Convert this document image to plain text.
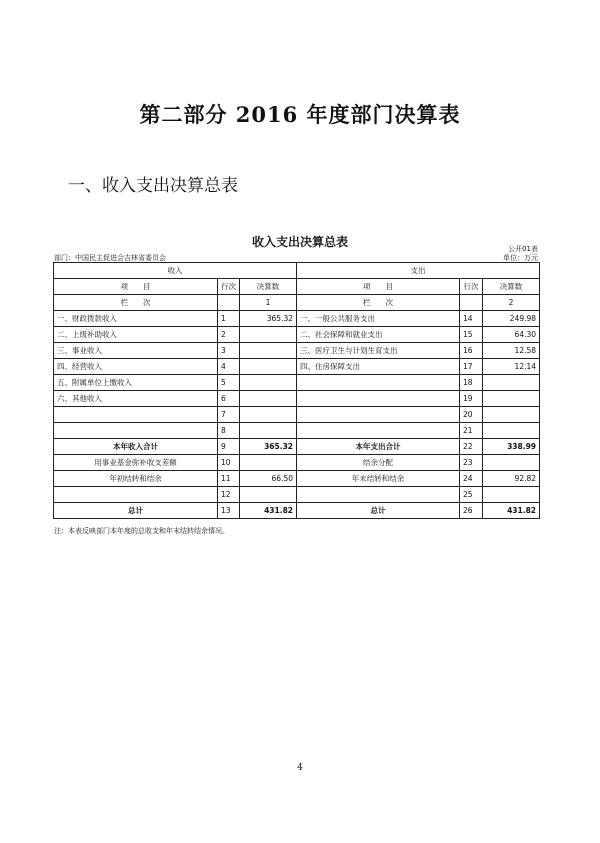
第二部分 2016 年度部门决算表
一、收入支出决算总表
收入支出决算总表	公开01表
部门：中国民主促进会吉林省委员会	单位：万元
收入			支出		
项　　目	行次	决算数	项　　目	行次	决算数
栏　　次		1	栏　　次		2
一、财政拨款收入	1	365.32	一、一般公共服务支出	14	249.98
二、上级补助收入	2		二、社会保障和就业支出	15	64.30
三、事业收入	3		三、医疗卫生与计划生育支出	16	12.58
四、经营收入	4		四、住房保障支出	17	12.14
五、附属单位上缴收入	5			18	
六、其他收入	6			19	
	7			20	
	8			21	
本年收入合计	9	365.32	本年支出合计	22	338.99
用事业基金弥补收支差额	10		结余分配	23	
年初结转和结余	11	66.50	年末结转和结余	24	92.82
	12			25	
总计	13	431.82	总计	26	431.82
注：本表反映部门本年度的总收支和年末结转结余情况。
4
